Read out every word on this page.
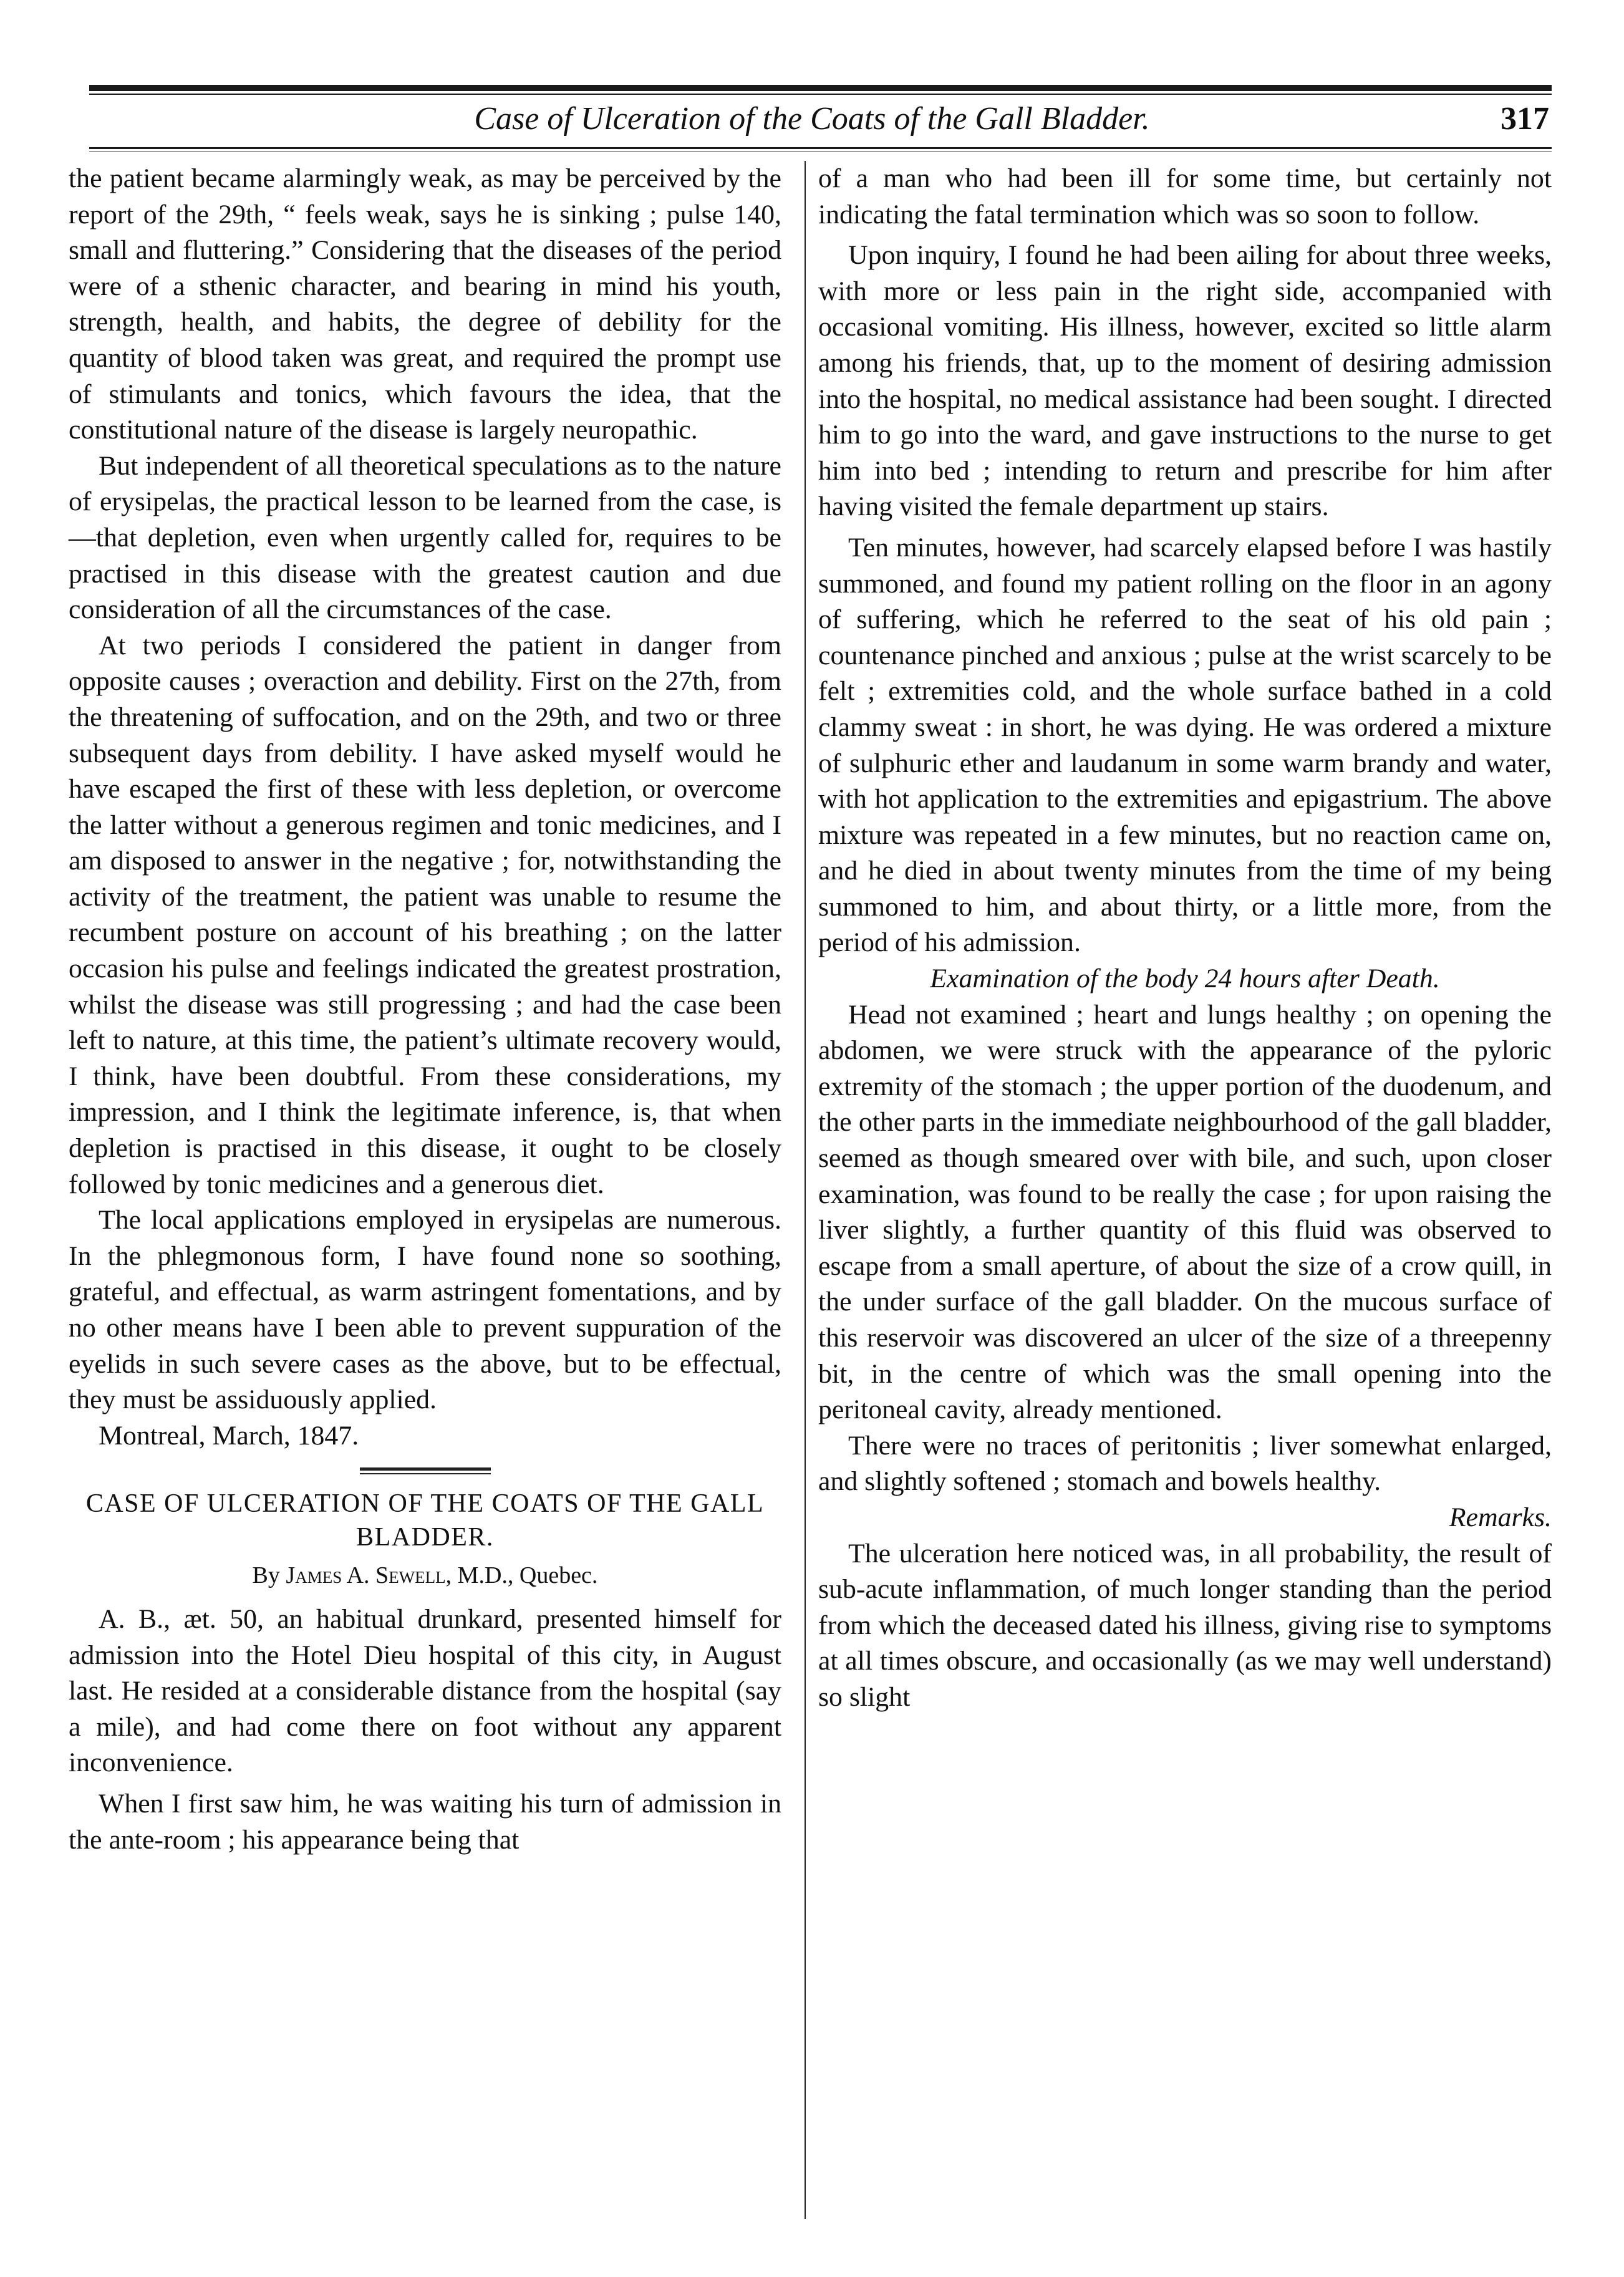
Case of Ulceration of the Coats of the Gall Bladder.	317

the patient became alarmingly weak, as may be perceived by the report of the 29th, “ feels weak, says he is sinking ; pulse 140, small and fluttering.” Considering that the diseases of the period were of a sthenic character, and bearing in mind his youth, strength, health, and habits, the degree of debility for the quantity of blood taken was great, and required the prompt use of stimulants and tonics, which favours the idea, that the constitutional nature of the disease is largely neuropathic.

But independent of all theoretical speculations as to the nature of erysipelas, the practical lesson to be learned from the case, is—that depletion, even when urgently called for, requires to be practised in this disease with the greatest caution and due consideration of all the circumstances of the case.

At two periods I considered the patient in danger from opposite causes ; overaction and debility. First on the 27th, from the threatening of suffocation, and on the 29th, and two or three subsequent days from debility. I have asked myself would he have escaped the first of these with less depletion, or overcome the latter without a generous regimen and tonic medicines, and I am disposed to answer in the negative ; for, notwithstanding the activity of the treatment, the patient was unable to resume the recumbent posture on account of his breathing ; on the latter occasion his pulse and feelings indicated the greatest prostration, whilst the disease was still progressing ; and had the case been left to nature, at this time, the patient’s ultimate recovery would, I think, have been doubtful. From these considerations, my impression, and I think the legitimate inference, is, that when depletion is practised in this disease, it ought to be closely followed by tonic medicines and a generous diet.

The local applications employed in erysipelas are numerous. In the phlegmonous form, I have found none so soothing, grateful, and effectual, as warm astringent fomentations, and by no other means have I been able to prevent suppuration of the eyelids in such severe cases as the above, but to be effectual, they must be assiduously applied.

Montreal, March, 1847.

CASE OF ULCERATION OF THE COATS OF THE GALL BLADDER.

By James A. Sewell, M.D., Quebec.

A. B., æt. 50, an habitual drunkard, presented himself for admission into the Hotel Dieu hospital of this city, in August last. He resided at a considerable distance from the hospital (say a mile), and had come there on foot without any apparent inconvenience.

When I first saw him, he was waiting his turn of admission in the ante-room ; his appearance being that

of a man who had been ill for some time, but certainly not indicating the fatal termination which was so soon to follow.

Upon inquiry, I found he had been ailing for about three weeks, with more or less pain in the right side, accompanied with occasional vomiting. His illness, however, excited so little alarm among his friends, that, up to the moment of desiring admission into the hospital, no medical assistance had been sought. I directed him to go into the ward, and gave instructions to the nurse to get him into bed ; intending to return and prescribe for him after having visited the female department up stairs.

Ten minutes, however, had scarcely elapsed before I was hastily summoned, and found my patient rolling on the floor in an agony of suffering, which he referred to the seat of his old pain ; countenance pinched and anxious ; pulse at the wrist scarcely to be felt ; extremities cold, and the whole surface bathed in a cold clammy sweat : in short, he was dying. He was ordered a mixture of sulphuric ether and laudanum in some warm brandy and water, with hot application to the extremities and epigastrium. The above mixture was repeated in a few minutes, but no reaction came on, and he died in about twenty minutes from the time of my being summoned to him, and about thirty, or a little more, from the period of his admission.

Examination of the body 24 hours after Death.

Head not examined ; heart and lungs healthy ; on opening the abdomen, we were struck with the appearance of the pyloric extremity of the stomach ; the upper portion of the duodenum, and the other parts in the immediate neighbourhood of the gall bladder, seemed as though smeared over with bile, and such, upon closer examination, was found to be really the case ; for upon raising the liver slightly, a further quantity of this fluid was observed to escape from a small aperture, of about the size of a crow quill, in the under surface of the gall bladder. On the mucous surface of this reservoir was discovered an ulcer of the size of a threepenny bit, in the centre of which was the small opening into the peritoneal cavity, already mentioned.

There were no traces of peritonitis ; liver somewhat enlarged, and slightly softened ; stomach and bowels healthy.

Remarks.

The ulceration here noticed was, in all probability, the result of sub-acute inflammation, of much longer standing than the period from which the deceased dated his illness, giving rise to symptoms at all times obscure, and occasionally (as we may well understand) so slight
